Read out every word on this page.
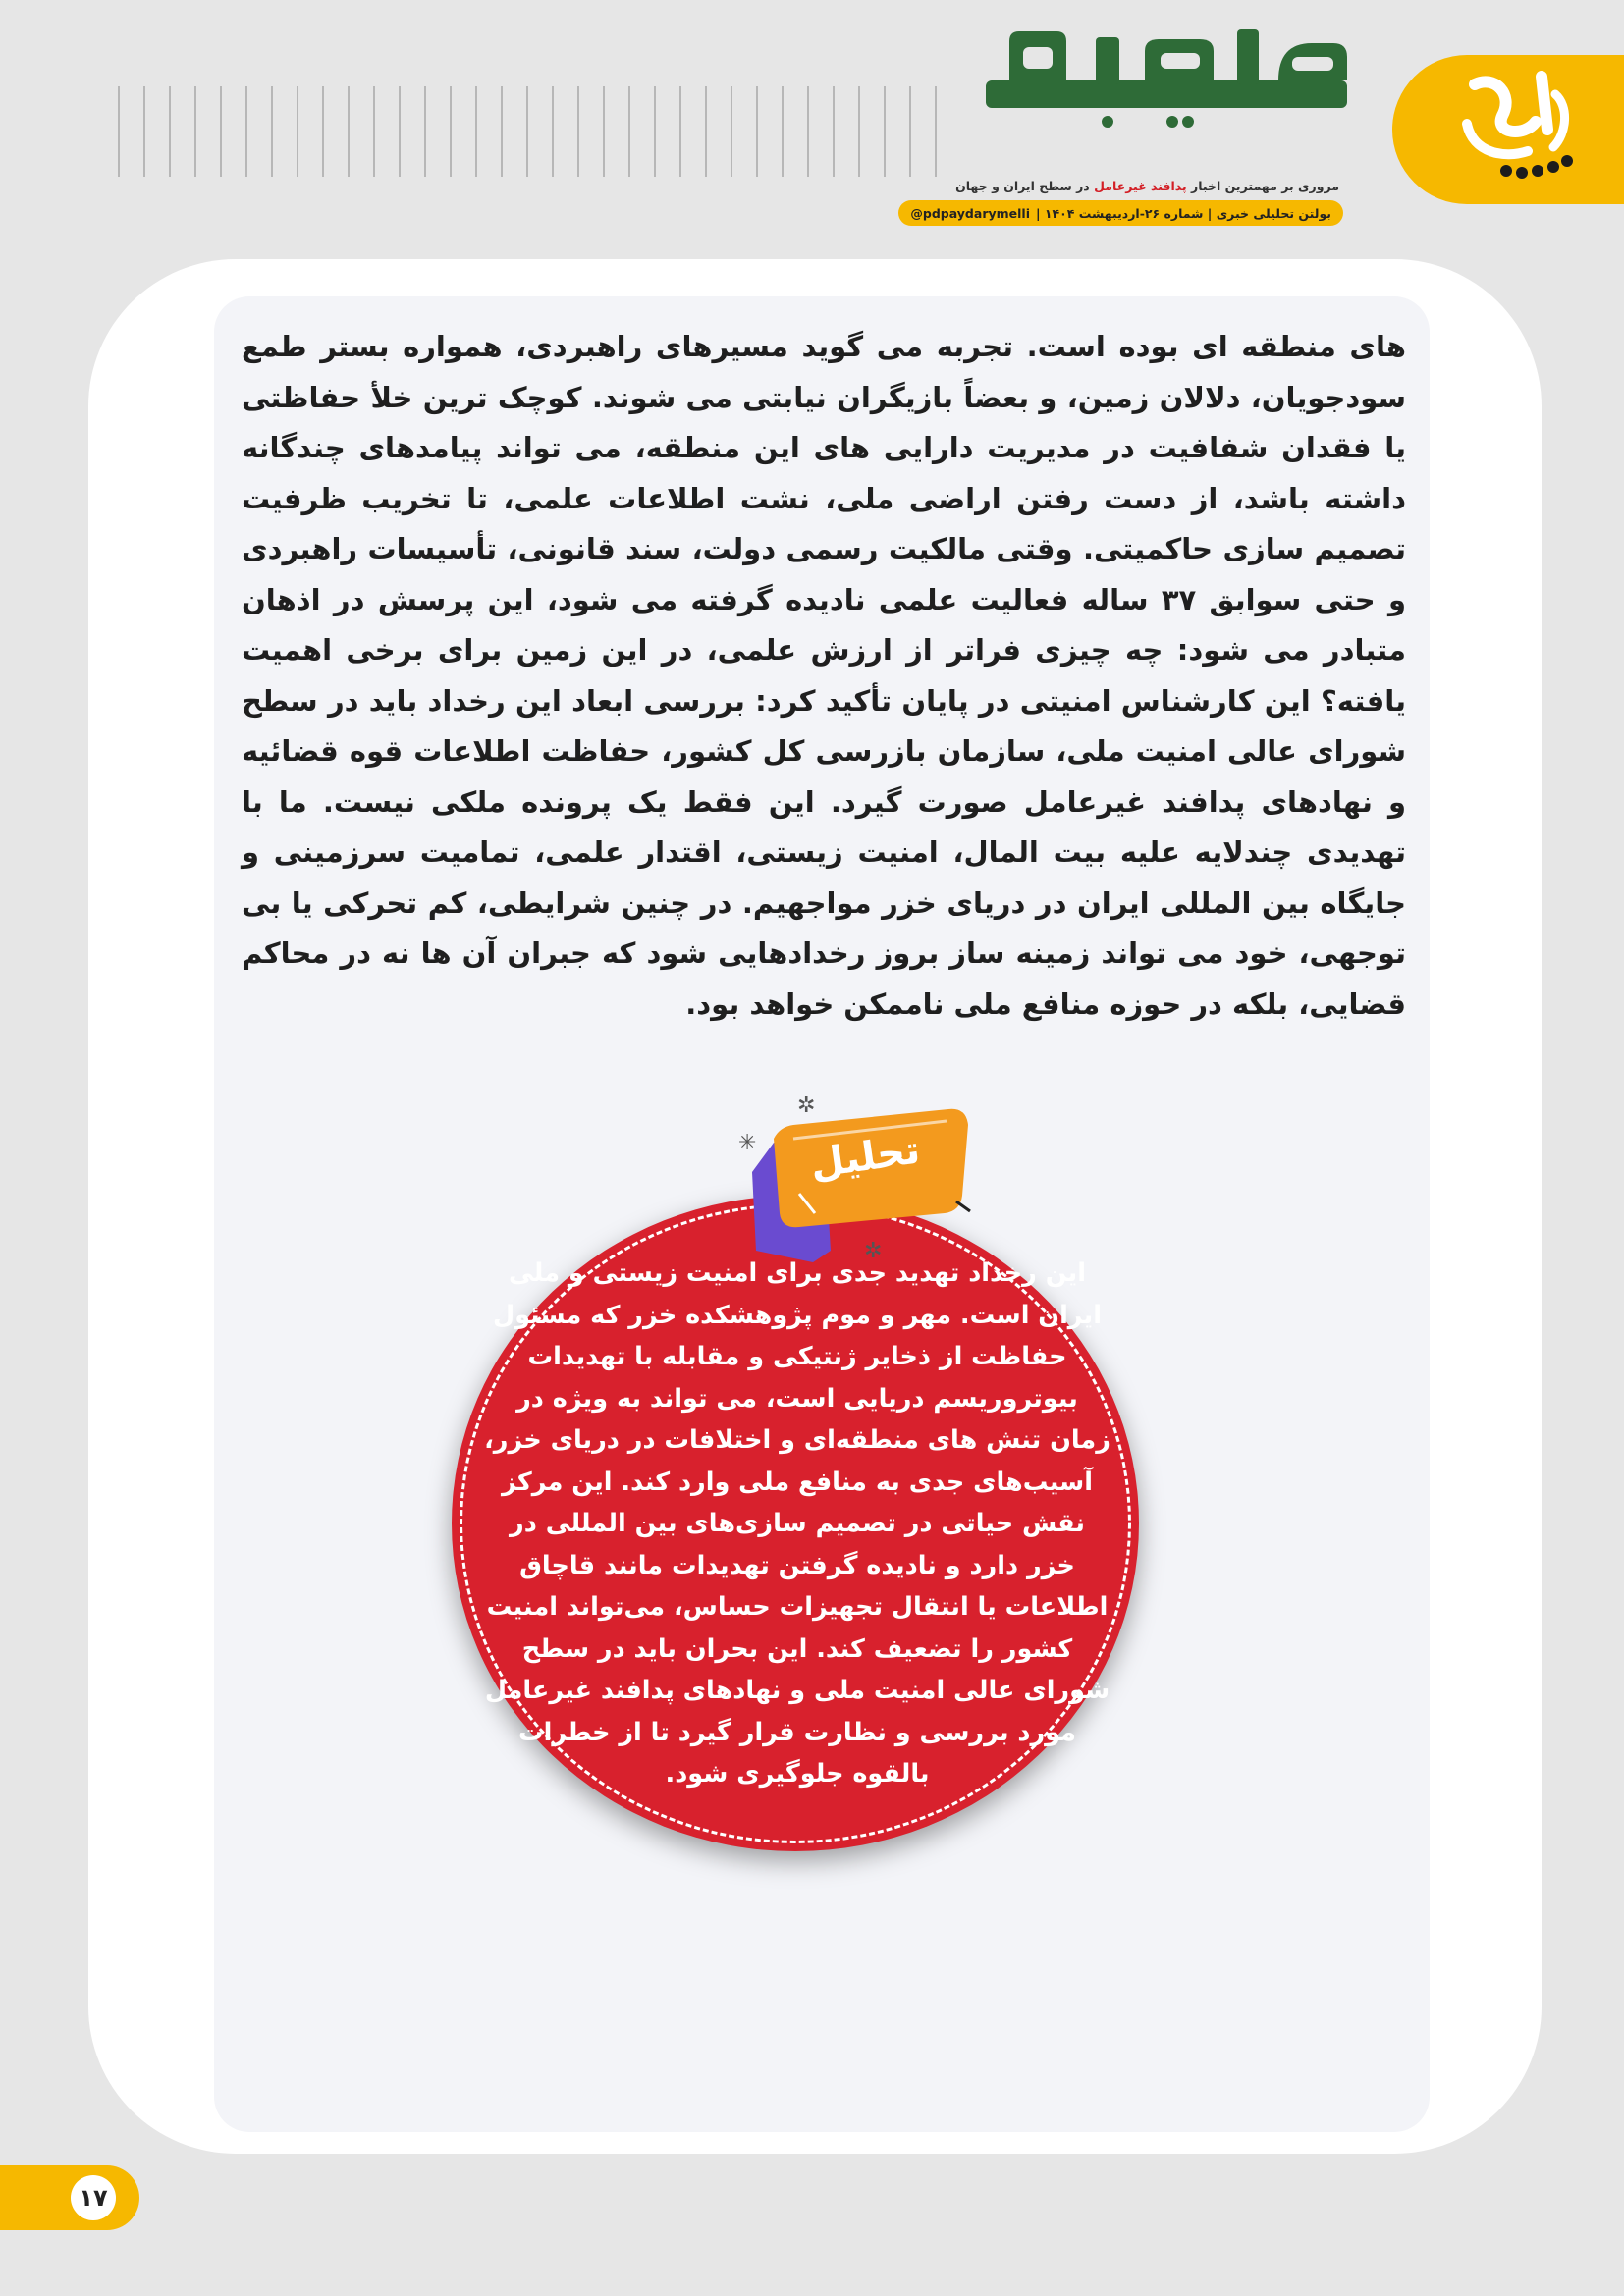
مروری بر مهمترین اخبار پدافند غیرعامل در سطح ایران و جهان
بولتن تحلیلی خبری | شماره ۲۶-اردیبهشت ۱۴۰۴ |
@pdpaydarymelli

های منطقه ای بوده است. تجربه می گوید مسیرهای راهبردی، همواره بستر طمع سودجویان، دلالان زمین، و بعضاً بازیگران نیابتی می شوند. کوچک ترین خلأ حفاظتی یا فقدان شفافیت در مدیریت دارایی های این منطقه، می تواند پیامدهای چندگانه داشته باشد، از دست رفتن اراضی ملی، نشت اطلاعات علمی، تا تخریب ظرفیت تصمیم سازی حاکمیتی. وقتی مالکیت رسمی دولت، سند قانونی، تأسیسات راهبردی و حتی سوابق ۳۷ ساله فعالیت علمی نادیده گرفته می شود، این پرسش در اذهان متبادر می شود: چه چیزی فراتر از ارزش علمی، در این زمین برای برخی اهمیت یافته؟ این کارشناس امنیتی در پایان تأکید کرد: بررسی ابعاد این رخداد باید در سطح شورای عالی امنیت ملی، سازمان بازرسی کل کشور، حفاظت اطلاعات قوه قضائیه و نهادهای پدافند غیرعامل صورت گیرد. این فقط یک پرونده ملکی نیست. ما با تهدیدی چندلایه علیه بیت المال، امنیت زیستی، اقتدار علمی، تمامیت سرزمینی و جایگاه بین المللی ایران در دریای خزر مواجهیم. در چنین شرایطی، کم تحرکی یا بی توجهی، خود می تواند زمینه ساز بروز رخدادهایی شود که جبران آن ها نه در محاکم قضایی، بلکه در حوزه منافع ملی ناممکن خواهد بود.

تحلیل
✲
✳
✲

این رخداد تهدید جدی برای امنیت زیستی و ملی ایران است. مهر و موم پژوهشکده خزر که مسئول حفاظت از ذخایر ژنتیکی و مقابله با تهدیدات بیوتروریسم دریایی است، می تواند به ویژه در زمان تنش های منطقه‌ای و اختلافات در دریای خزر، آسیب‌های جدی به منافع ملی وارد کند. این مرکز نقش حیاتی در تصمیم سازی‌های بین المللی در خزر دارد و نادیده گرفتن تهدیدات مانند قاچاق اطلاعات یا انتقال تجهیزات حساس، می‌تواند امنیت کشور را تضعیف کند. این بحران باید در سطح شورای عالی امنیت ملی و نهادهای پدافند غیرعامل مورد بررسی و نظارت قرار گیرد تا از خطرات بالقوه جلوگیری شود.

۱۷
